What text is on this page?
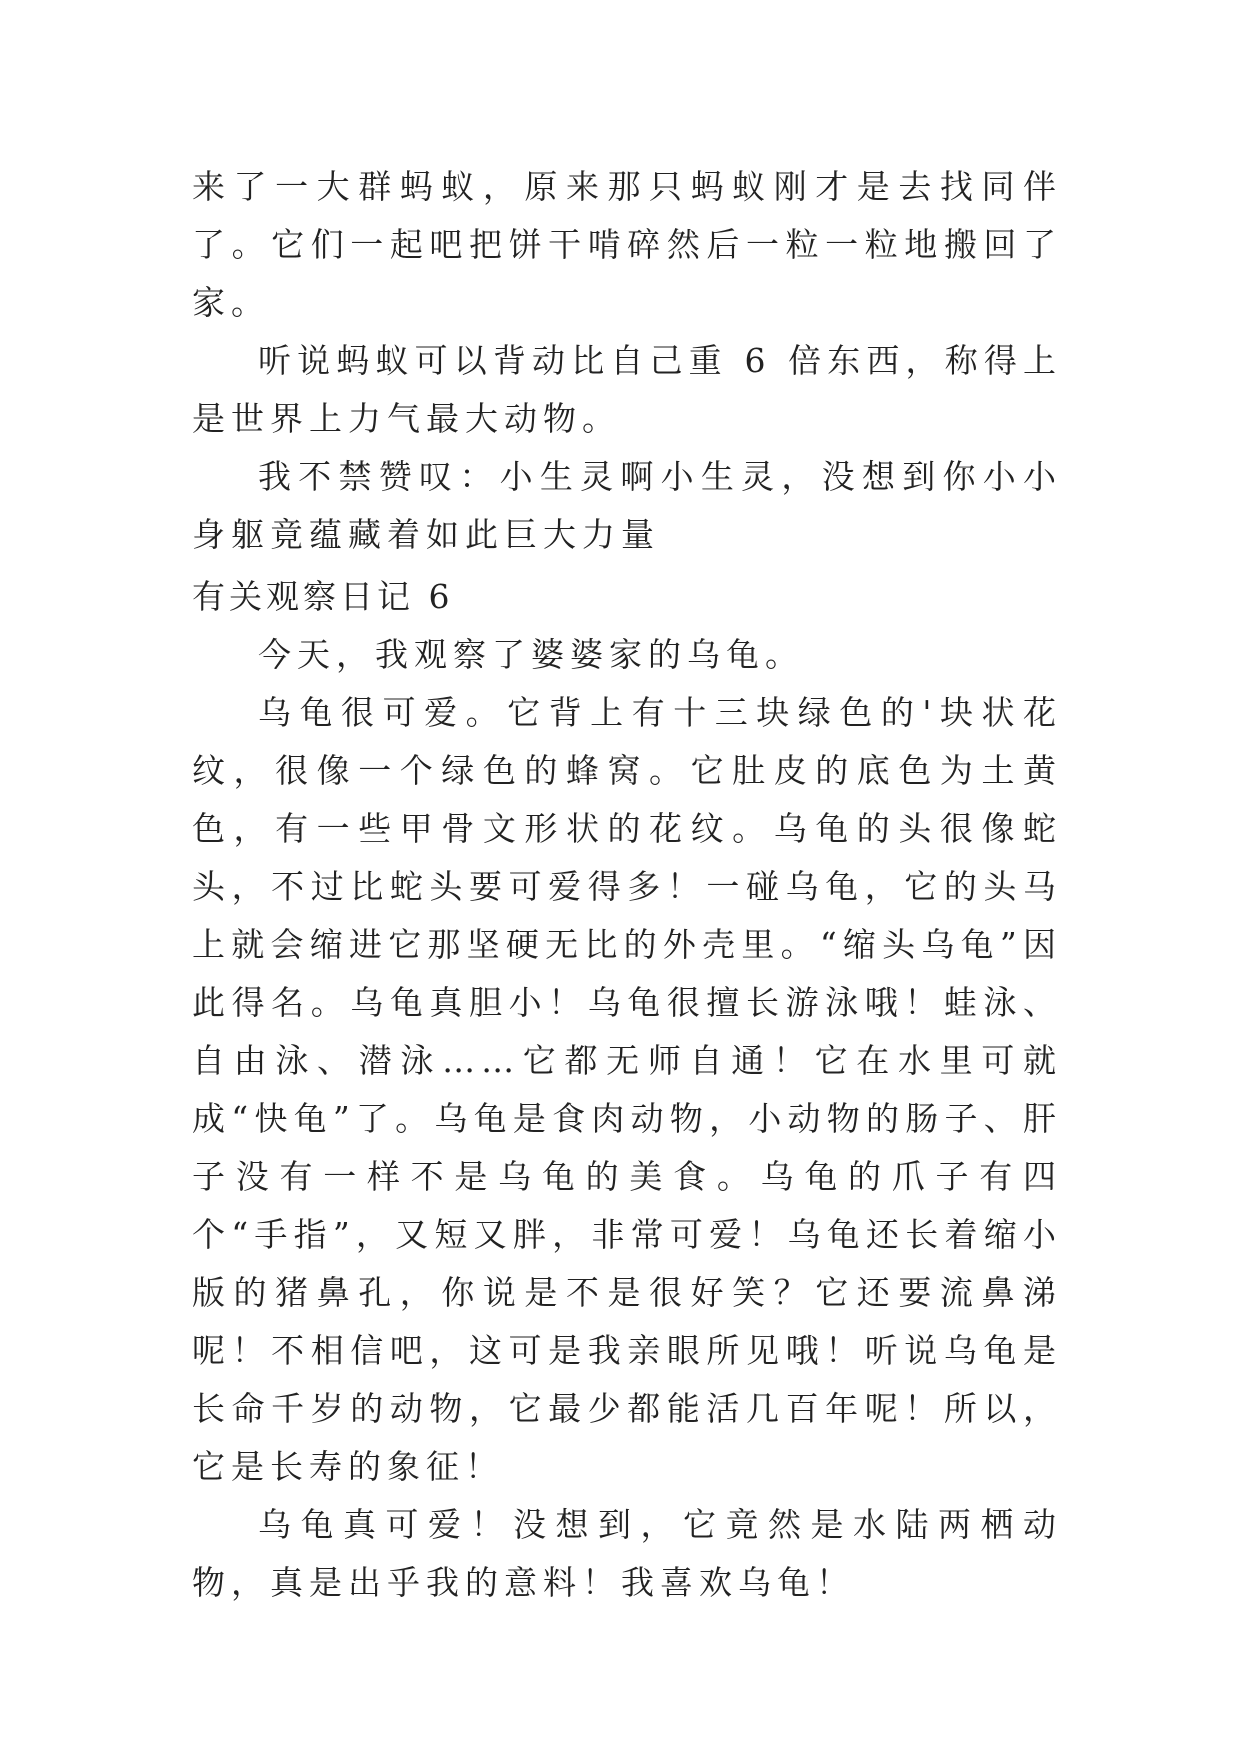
来了一大群蚂蚁，原来那只蚂蚁刚才是去找同伴了。它们一起吧把饼干啃碎然后一粒一粒地搬回了家。

听说蚂蚁可以背动比自己重 6 倍东西，称得上是世界上力气最大动物。

我不禁赞叹：小生灵啊小生灵，没想到你小小身躯竟蕴藏着如此巨大力量

有关观察日记 6

今天，我观察了婆婆家的乌龟。

乌龟很可爱。它背上有十三块绿色的'块状花纹，很像一个绿色的蜂窝。它肚皮的底色为土黄色，有一些甲骨文形状的花纹。乌龟的头很像蛇头，不过比蛇头要可爱得多！一碰乌龟，它的头马上就会缩进它那坚硬无比的外壳里。“缩头乌龟”因此得名。乌龟真胆小！乌龟很擅长游泳哦！蛙泳、自由泳、潜泳……它都无师自通！它在水里可就成“快龟”了。乌龟是食肉动物，小动物的肠子、肝子没有一样不是乌龟的美食。乌龟的爪子有四个“手指”，又短又胖，非常可爱！乌龟还长着缩小版的猪鼻孔，你说是不是很好笑？它还要流鼻涕呢！不相信吧，这可是我亲眼所见哦！听说乌龟是长命千岁的动物，它最少都能活几百年呢！所以，它是长寿的象征！

乌龟真可爱！没想到，它竟然是水陆两栖动物，真是出乎我的意料！我喜欢乌龟！
